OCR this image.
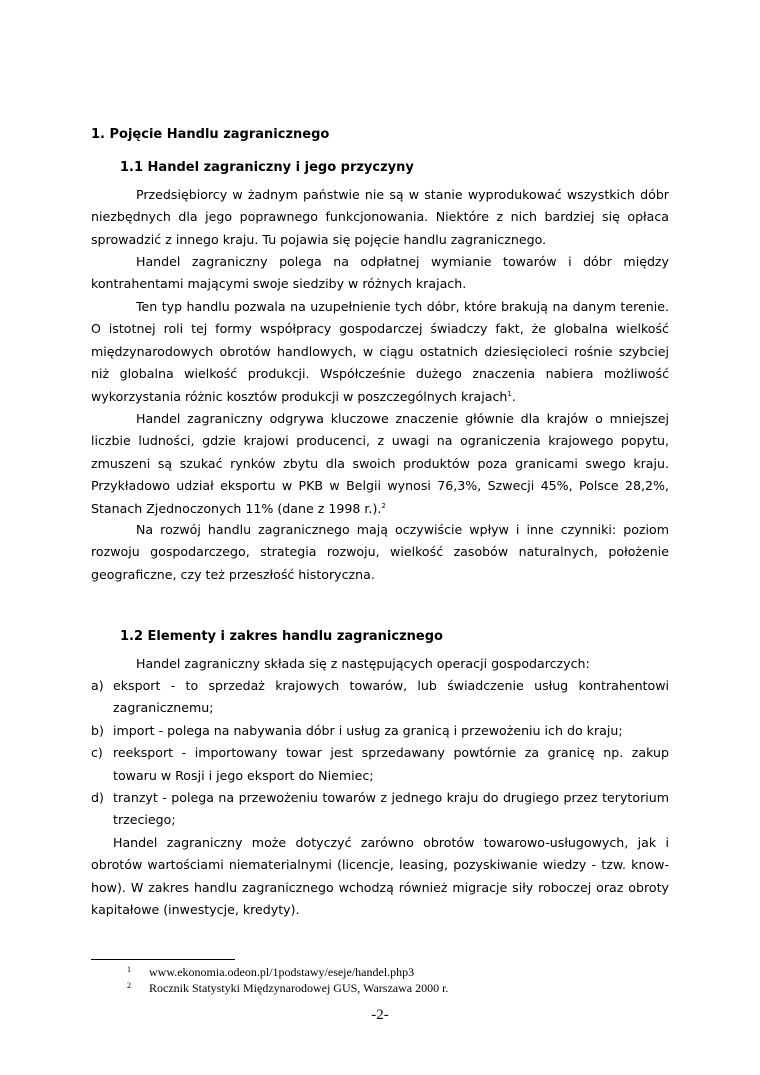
1. Pojęcie Handlu zagranicznego
1.1 Handel zagraniczny i jego przyczyny

Przedsiębiorcy w żadnym państwie nie są w stanie wyprodukować wszystkich dóbr niezbędnych dla jego poprawnego funkcjonowania. Niektóre z nich bardziej się opłaca sprowadzić z innego kraju. Tu pojawia się pojęcie handlu zagranicznego.

Handel zagraniczny polega na odpłatnej wymianie towarów i dóbr między kontrahentami mającymi swoje siedziby w różnych krajach.

Ten typ handlu pozwala na uzupełnienie tych dóbr, które brakują na danym terenie. O istotnej roli tej formy współpracy gospodarczej świadczy fakt, że globalna wielkość międzynarodowych obrotów handlowych, w ciągu ostatnich dziesięcioleci rośnie szybciej niż globalna wielkość produkcji. Współcześnie dużego znaczenia nabiera możliwość wykorzystania różnic kosztów produkcji w poszczególnych krajach$^1$.

Handel zagraniczny odgrywa kluczowe znaczenie głównie dla krajów o mniejszej liczbie ludności, gdzie krajowi producenci, z uwagi na ograniczenia krajowego popytu, zmuszeni są szukać rynków zbytu dla swoich produktów poza granicami swego kraju. Przykładowo udział eksportu w PKB w Belgii wynosi 76,3%, Szwecji 45%, Polsce 28,2%, Stanach Zjednoczonych 11% (dane z 1998 r.).$^2$

Na rozwój handlu zagranicznego mają oczywiście wpływ i inne czynniki: poziom rozwoju gospodarczego, strategia rozwoju, wielkość zasobów naturalnych, położenie geograficzne, czy też przeszłość historyczna.

1.2 Elementy i zakres handlu zagranicznego

Handel zagraniczny składa się z następujących operacji gospodarczych:

a) eksport - to sprzedaż krajowych towarów, lub świadczenie usług kontrahentowi zagranicznemu;
b) import - polega na nabywania dóbr i usług za granicą i przewożeniu ich do kraju;
c) reeksport - importowany towar jest sprzedawany powtórnie za granicę np. zakup towaru w Rosji i jego eksport do Niemiec;
d) tranzyt - polega na przewożeniu towarów z jednego kraju do drugiego przez terytorium trzeciego;

Handel zagraniczny może dotyczyć zarówno obrotów towarowo-usługowych, jak i obrotów wartościami niematerialnymi (licencje, leasing, pozyskiwanie wiedzy - tzw. know-how). W zakres handlu zagranicznego wchodzą również migracje siły roboczej oraz obroty kapitałowe (inwestycje, kredyty).

1 www.ekonomia.odeon.pl/1podstawy/eseje/handel.php3
2 Rocznik Statystyki Międzynarodowej GUS, Warszawa 2000 r.
-2-
